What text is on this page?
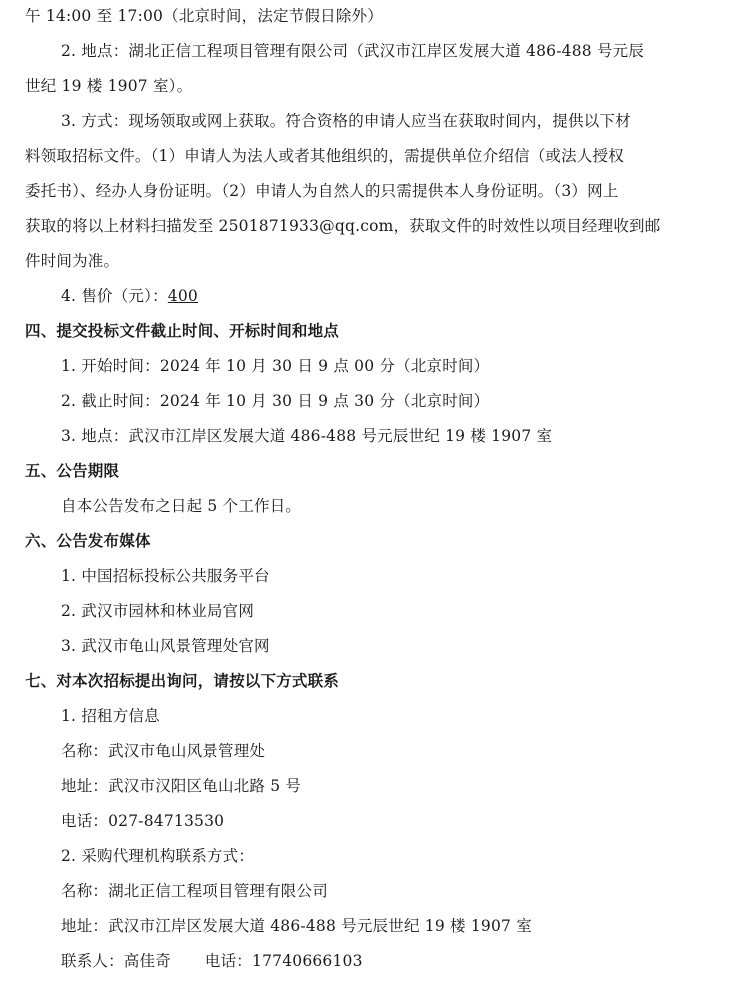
午 14:00 至 17:00（北京时间，法定节假日除外）
2. 地点：湖北正信工程项目管理有限公司（武汉市江岸区发展大道 486-488 号元辰
世纪 19 楼 1907 室）。
3. 方式：现场领取或网上获取。符合资格的申请人应当在获取时间内，提供以下材
料领取招标文件。（1）申请人为法人或者其他组织的，需提供单位介绍信（或法人授权
委托书）、经办人身份证明。（2）申请人为自然人的只需提供本人身份证明。（3）网上
获取的将以上材料扫描发至 2501871933@qq.com，获取文件的时效性以项目经理收到邮
件时间为准。
4. 售价（元）：400
四、提交投标文件截止时间、开标时间和地点
1. 开始时间：2024 年 10 月 30 日 9 点 00 分（北京时间）
2. 截止时间：2024 年 10 月 30 日 9 点 30 分（北京时间）
3. 地点：武汉市江岸区发展大道 486-488 号元辰世纪 19 楼 1907 室
五、公告期限
自本公告发布之日起 5 个工作日。
六、公告发布媒体
1. 中国招标投标公共服务平台
2. 武汉市园林和林业局官网
3. 武汉市龟山风景管理处官网
七、对本次招标提出询问，请按以下方式联系
1. 招租方信息
名称：武汉市龟山风景管理处
地址：武汉市汉阳区龟山北路 5 号
电话：027-84713530
2. 采购代理机构联系方式：
名称：湖北正信工程项目管理有限公司
地址：武汉市江岸区发展大道 486-488 号元辰世纪 19 楼 1907 室
联系人：高佳奇 电话：17740666103
